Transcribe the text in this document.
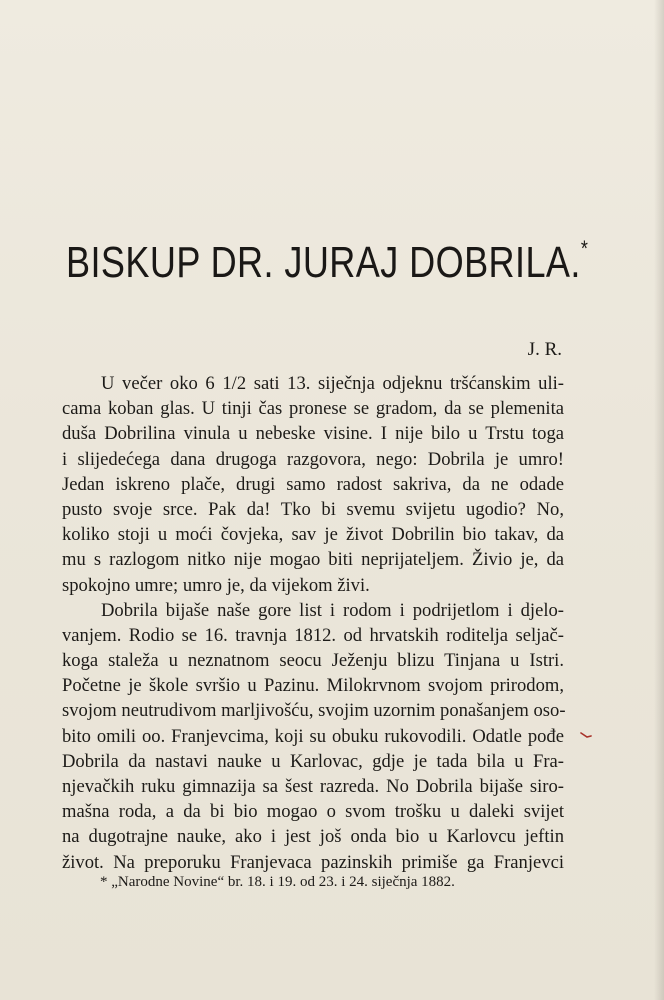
BISKUP DR. JURAJ DOBRILA.*

J. R.

U večer oko 6 1/2 sati 13. siječnja odjeknu tršćanskim uli-
cama koban glas. U tinji čas pronese se gradom, da se plemenita
duša Dobrilina vinula u nebeske visine. I nije bilo u Trstu toga
i slijedećega dana drugoga razgovora, nego: Dobrila je umro!
Jedan iskreno plače, drugi samo radost sakriva, da ne odade
pusto svoje srce. Pak da! Tko bi svemu svijetu ugodio? No,
koliko stoji u moći čovjeka, sav je život Dobrilin bio takav, da
mu s razlogom nitko nije mogao biti neprijateljem. Živio je, da
spokojno umre; umro je, da vijekom živi.
Dobrila bijaše naše gore list i rodom i podrijetlom i djelo-
vanjem. Rodio se 16. travnja 1812. od hrvatskih roditelja seljač-
koga staleža u neznatnom seocu Ježenju blizu Tinjana u Istri.
Početne je škole svršio u Pazinu. Milokrvnom svojom prirodom,
svojom neutrudivom marljivošću, svojim uzornim ponašanjem oso-
bito omili oo. Franjevcima, koji su obuku rukovodili. Odatle pođe
Dobrila da nastavi nauke u Karlovac, gdje je tada bila u Fra-
njevačkih ruku gimnazija sa šest razreda. No Dobrila bijaše siro-
mašna roda, a da bi bio mogao o svom trošku u daleki svijet
na dugotrajne nauke, ako i jest još onda bio u Karlovcu jeftin
život. Na preporuku Franjevaca pazinskih primiše ga Franjevci

* „Narodne Novine“ br. 18. i 19. od 23. i 24. siječnja 1882.
